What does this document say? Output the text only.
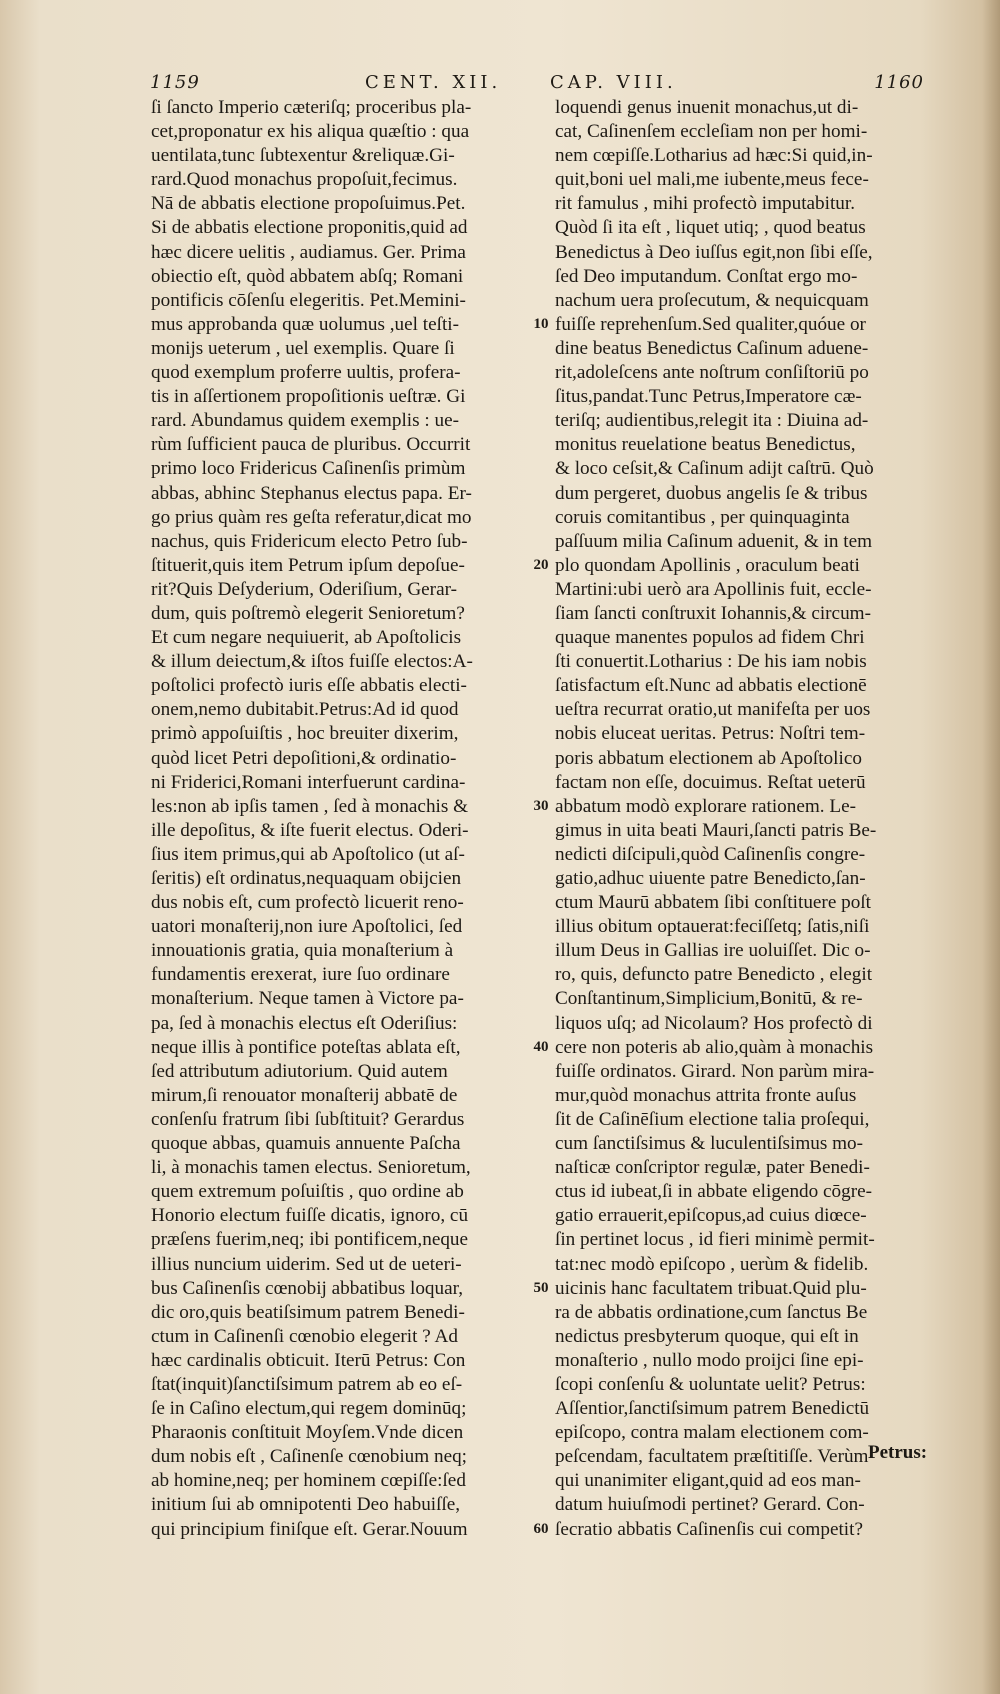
1159	CENT. XII.	CAP. VIII.	1160
ſi ſancto Imperio cæteriſq; proceribus pla-
cet,proponatur ex his aliqua quæſtio : qua
uentilata,tunc ſubtexentur &reliquæ.Gi-
rard.Quod monachus propoſuit,fecimus.
Nā de abbatis electione propoſuimus.Pet.
Si de abbatis electione proponitis,quid ad
hæc dicere uelitis , audiamus. Ger. Prima
obiectio eſt, quòd abbatem abſq; Romani
pontificis cōſenſu elegeritis. Pet.Memini-
mus approbanda quæ uolumus ,uel teſti-
monijs ueterum , uel exemplis. Quare ſi
quod exemplum proferre uultis, profera-
tis in aſſertionem propoſitionis ueſtræ. Gi
rard. Abundamus quidem exemplis : ue-
rùm ſufficient pauca de pluribus. Occurrit
primo loco Fridericus Caſinenſis primùm
abbas, abhinc Stephanus electus papa. Er-
go prius quàm res geſta referatur,dicat mo
nachus, quis Fridericum electo Petro ſub-
ſtituerit,quis item Petrum ipſum depoſue-
rit?Quis Deſyderium, Oderiſium, Gerar-
dum, quis poſtremò elegerit Senioretum?
Et cum negare nequiuerit, ab Apoſtolicis
& illum deiectum,& iſtos fuiſſe electos:A-
poſtolici profectò iuris eſſe abbatis electi-
onem,nemo dubitabit.Petrus:Ad id quod
primò appoſuiſtis , hoc breuiter dixerim,
quòd licet Petri depoſitioni,& ordinatio-
ni Friderici,Romani interfuerunt cardina-
les:non ab ipſis tamen , ſed à monachis &
ille depoſitus, & iſte fuerit electus. Oderi-
ſius item primus,qui ab Apoſtolico (ut aſ-
ſeritis) eſt ordinatus,nequaquam obijcien
dus nobis eſt, cum profectò licuerit reno-
uatori monaſterij,non iure Apoſtolici, ſed
innouationis gratia, quia monaſterium à
fundamentis erexerat, iure ſuo ordinare
monaſterium. Neque tamen à Victore pa-
pa, ſed à monachis electus eſt Oderiſius:
neque illis à pontifice poteſtas ablata eſt,
ſed attributum adiutorium. Quid autem
mirum,ſi renouator monaſterij abbatē de
conſenſu fratrum ſibi ſubſtituit? Gerardus
quoque abbas, quamuis annuente Paſcha
li, à monachis tamen electus. Senioretum,
quem extremum poſuiſtis , quo ordine ab
Honorio electum fuiſſe dicatis, ignoro, cū
præſens fuerim,neq; ibi pontificem,neque
illius nuncium uiderim. Sed ut de ueteri-
bus Caſinenſis cœnobij abbatibus loquar,
dic oro,quis beatiſsimum patrem Benedi-
ctum in Caſinenſi cœnobio elegerit ? Ad
hæc cardinalis obticuit. Iterū Petrus: Con
ſtat(inquit)ſanctiſsimum patrem ab eo eſ-
ſe in Caſino electum,qui regem dominūq;
Pharaonis conſtituit Moyſem.Vnde dicen
dum nobis eſt , Caſinenſe cœnobium neq;
ab homine,neq; per hominem cœpiſſe:ſed
initium ſui ab omnipotenti Deo habuiſſe,
qui principium finiſque eſt. Gerar.Nouum
loquendi genus inuenit monachus,ut di-
cat, Caſinenſem eccleſiam non per homi-
nem cœpiſſe.Lotharius ad hæc:Si quid,in-
quit,boni uel mali,me iubente,meus fece-
rit famulus , mihi profectò imputabitur.
Quòd ſi ita eſt , liquet utiq; , quod beatus
Benedictus à Deo iuſſus egit,non ſibi eſſe,
ſed Deo imputandum. Conſtat ergo mo-
nachum uera proſecutum, & nequicquam
fuiſſe reprehenſum.Sed qualiter,quóue or
dine beatus Benedictus Caſinum aduene-
rit,adoleſcens ante noſtrum conſiſtoriū po
ſitus,pandat.Tunc Petrus,Imperatore cæ-
teriſq; audientibus,relegit ita : Diuina ad-
monitus reuelatione beatus Benedictus,
& loco ceſsit,& Caſinum adijt caſtrū. Quò
dum pergeret, duobus angelis ſe & tribus
coruis comitantibus , per quinquaginta
paſſuum milia Caſinum aduenit, & in tem
plo quondam Apollinis , oraculum beati
Martini:ubi uerò ara Apollinis fuit, eccle-
ſiam ſancti conſtruxit Iohannis,& circum-
quaque manentes populos ad fidem Chri
ſti conuertit.Lotharius : De his iam nobis
ſatisfactum eſt.Nunc ad abbatis electionē
ueſtra recurrat oratio,ut manifeſta per uos
nobis eluceat ueritas. Petrus: Noſtri tem-
poris abbatum electionem ab Apoſtolico
factam non eſſe, docuimus. Reſtat ueterū
abbatum modò explorare rationem. Le-
gimus in uita beati Mauri,ſancti patris Be-
nedicti diſcipuli,quòd Caſinenſis congre-
gatio,adhuc uiuente patre Benedicto,ſan-
ctum Maurū abbatem ſibi conſtituere poſt
illius obitum optauerat:feciſſetq; ſatis,niſi
illum Deus in Gallias ire uoluiſſet. Dic o-
ro, quis, defuncto patre Benedicto , elegit
Conſtantinum,Simplicium,Bonitū, & re-
liquos uſq; ad Nicolaum? Hos profectò di
cere non poteris ab alio,quàm à monachis
fuiſſe ordinatos. Girard. Non parùm mira-
mur,quòd monachus attrita fronte auſus
ſit de Caſinēſium electione talia proſequi,
cum ſanctiſsimus & luculentiſsimus mo-
naſticæ conſcriptor regulæ, pater Benedi-
ctus id iubeat,ſi in abbate eligendo cōgre-
gatio errauerit,epiſcopus,ad cuius diœce-
ſin pertinet locus , id fieri minimè permit-
tat:nec modò epiſcopo , uerùm & fidelib.
uicinis hanc facultatem tribuat.Quid plu-
ra de abbatis ordinatione,cum ſanctus Be
nedictus presbyterum quoque, qui eſt in
monaſterio , nullo modo proijci ſine epi-
ſcopi conſenſu & uoluntate uelit? Petrus:
Aſſentior,ſanctiſsimum patrem Benedictū
epiſcopo, contra malam electionem com-
peſcendam, facultatem præſtitiſſe. Verùm
qui unanimiter eligant,quid ad eos man-
datum huiuſmodi pertinet? Gerard. Con-
ſecratio abbatis Caſinenſis cui competit?
10
20
30
40
50
60
Petrus:
